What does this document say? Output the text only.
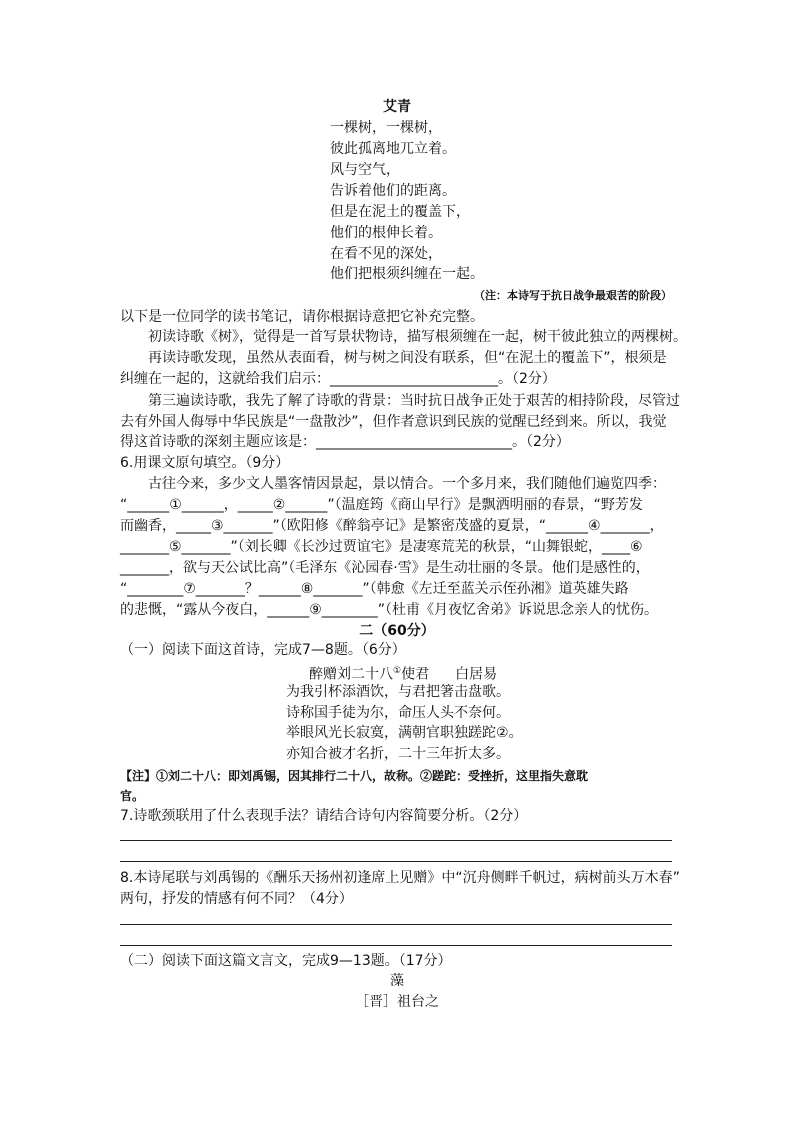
艾青
一棵树，一棵树，
彼此孤离地兀立着。
风与空气，
告诉着他们的距离。
但是在泥土的覆盖下，
他们的根伸长着。
在看不见的深处，
他们把根须纠缠在一起。
（注：本诗写于抗日战争最艰苦的阶段）
以下是一位同学的读书笔记，请你根据诗意把它补充完整。
初读诗歌《树》，觉得是一首写景状物诗，描写根须缠在一起，树干彼此独立的两棵树。
再读诗歌发现，虽然从表面看，树与树之间没有联系，但“在泥土的覆盖下”，根须是
纠缠在一起的，这就给我们启示：________________________。（2分）
第三遍读诗歌，我先了解了诗歌的背景：当时抗日战争正处于艰苦的相持阶段，尽管过
去有外国人侮辱中华民族是“一盘散沙”，但作者意识到民族的觉醒已经到来。所以，我觉
得这首诗歌的深刻主题应该是：____________________________。（2分）
6.用课文原句填空。（9分）
古往今来，多少文人墨客情因景起，景以情合。一个多月来，我们随他们遍览四季：
“______①______，_____②______”（温庭筠《商山早行》是飘洒明丽的春景，“野芳发
而幽香，_____③_______”（欧阳修《醉翁亭记》是繁密茂盛的夏景，“______④_______，
_______⑤_______”（刘长卿《长沙过贾谊宅》是凄寒荒芜的秋景，“山舞银蛇，____⑥
_______，欲与天公试比高”（毛泽东《沁园春·雪》是生动壮丽的冬景。他们是感性的，
“________⑦_______？______⑧_______”（韩愈《左迁至蓝关示侄孙湘》道英雄失路
的悲慨，“露从今夜白，______⑨________”（杜甫《月夜忆舍弟》诉说思念亲人的忧伤。
二（60分）
（一）阅读下面这首诗，完成7—8题。（6分）
醉赠刘二十八①使君 白居易
为我引杯添酒饮，与君把箸击盘歌。
诗称国手徒为尔，命压人头不奈何。
举眼风光长寂寞，满朝官职独蹉跎②。
亦知合被才名折，二十三年折太多。
【注】①刘二十八：即刘禹锡，因其排行二十八，故称。②蹉跎：受挫折，这里指失意耽
官。
7.诗歌颈联用了什么表现手法？请结合诗句内容简要分析。（2分）
8.本诗尾联与刘禹锡的《酬乐天扬州初逢席上见赠》中“沉舟侧畔千帆过，病树前头万木春”
两句，抒发的情感有何不同？（4分）
（二）阅读下面这篇文言文，完成9—13题。（17分）
藻
［晋］祖台之
